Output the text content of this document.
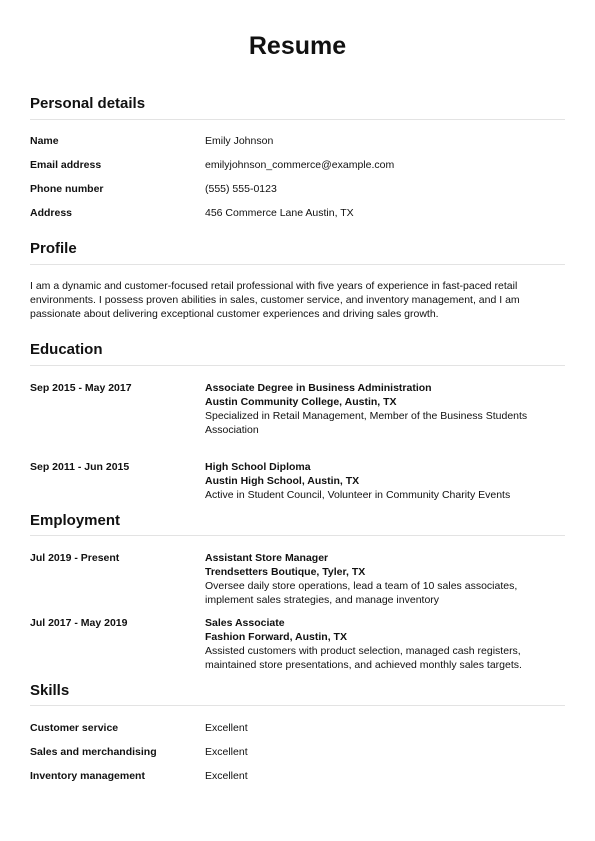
Resume
Personal details
Name	Emily Johnson
Email address	emilyjohnson_commerce@example.com
Phone number	(555) 555-0123
Address	456 Commerce Lane Austin, TX
Profile
I am a dynamic and customer-focused retail professional with five years of experience in fast-paced retail environments. I possess proven abilities in sales, customer service, and inventory management, and I am passionate about delivering exceptional customer experiences and driving sales growth.
Education
Sep 2015 - May 2017	Associate Degree in Business Administration
Austin Community College, Austin, TX
Specialized in Retail Management, Member of the Business Students Association
Sep 2011 - Jun 2015	High School Diploma
Austin High School, Austin, TX
Active in Student Council, Volunteer in Community Charity Events
Employment
Jul 2019 - Present	Assistant Store Manager
Trendsetters Boutique, Tyler, TX
Oversee daily store operations, lead a team of 10 sales associates, implement sales strategies, and manage inventory
Jul 2017 - May 2019	Sales Associate
Fashion Forward, Austin, TX
Assisted customers with product selection, managed cash registers, maintained store presentations, and achieved monthly sales targets.
Skills
Customer service	Excellent
Sales and merchandising	Excellent
Inventory management	Excellent
